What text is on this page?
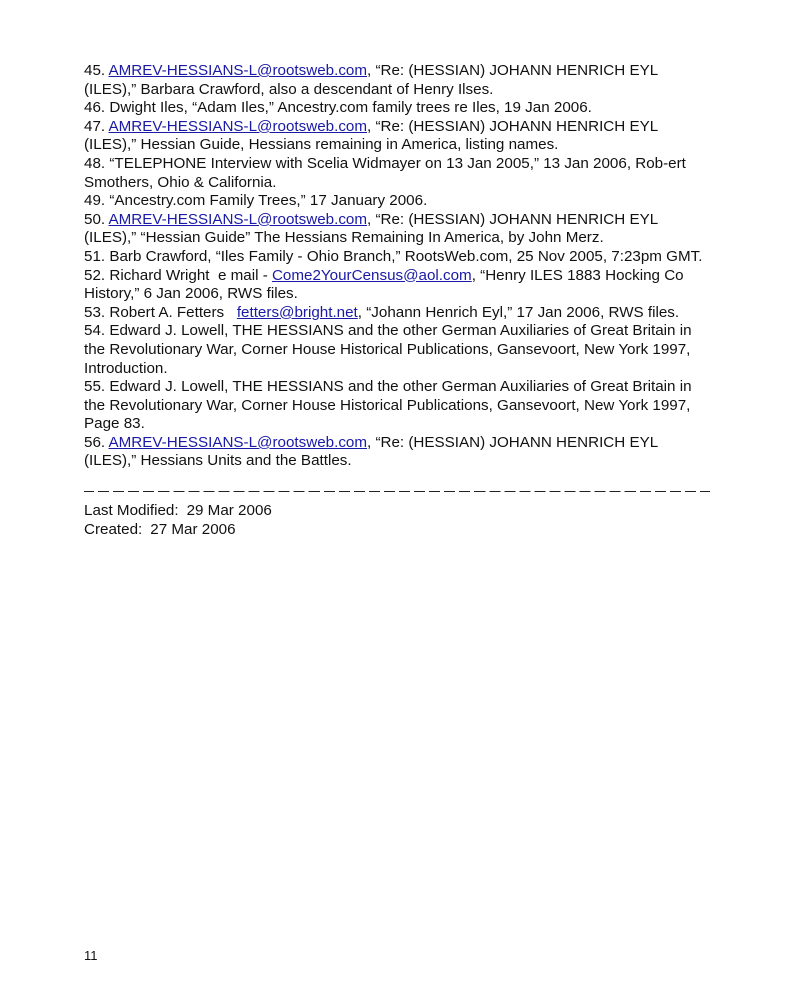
45. AMREV-HESSIANS-L@rootsweb.com, “Re: (HESSIAN) JOHANN HENRICH EYL (ILES),” Barbara Crawford, also a descendant of Henry Ilses.

46. Dwight Iles, “Adam Iles,” Ancestry.com family trees re Iles, 19 Jan 2006.

47. AMREV-HESSIANS-L@rootsweb.com, “Re: (HESSIAN) JOHANN HENRICH EYL (ILES),” Hessian Guide, Hessians remaining in America, listing names.

48. “TELEPHONE Interview with Scelia Widmayer on 13 Jan 2005,” 13 Jan 2006, Rob-ert Smothers, Ohio & California.

49. “Ancestry.com Family Trees,” 17 January 2006.

50. AMREV-HESSIANS-L@rootsweb.com, “Re: (HESSIAN) JOHANN HENRICH EYL (ILES),” “Hessian Guide” The Hessians Remaining In America, by John Merz.

51. Barb Crawford, “Iles Family - Ohio Branch,” RootsWeb.com, 25 Nov 2005, 7:23pm GMT.

52. Richard Wright  e mail - Come2YourCensus@aol.com, “Henry ILES 1883 Hocking Co History,” 6 Jan 2006, RWS files.

53. Robert A. Fetters   fetters@bright.net, “Johann Henrich Eyl,” 17 Jan 2006, RWS files.

54. Edward J. Lowell, THE HESSIANS and the other German Auxiliaries of Great Britain in the Revolutionary War, Corner House Historical Publications, Gansevoort, New York 1997, Introduction.

55. Edward J. Lowell, THE HESSIANS and the other German Auxiliaries of Great Britain in the Revolutionary War, Corner House Historical Publications, Gansevoort, New York 1997, Page 83.

56. AMREV-HESSIANS-L@rootsweb.com, “Re: (HESSIAN) JOHANN HENRICH EYL (ILES),” Hessians Units and the Battles.

Last Modified: 29 Mar 2006
Created: 27 Mar 2006
11
